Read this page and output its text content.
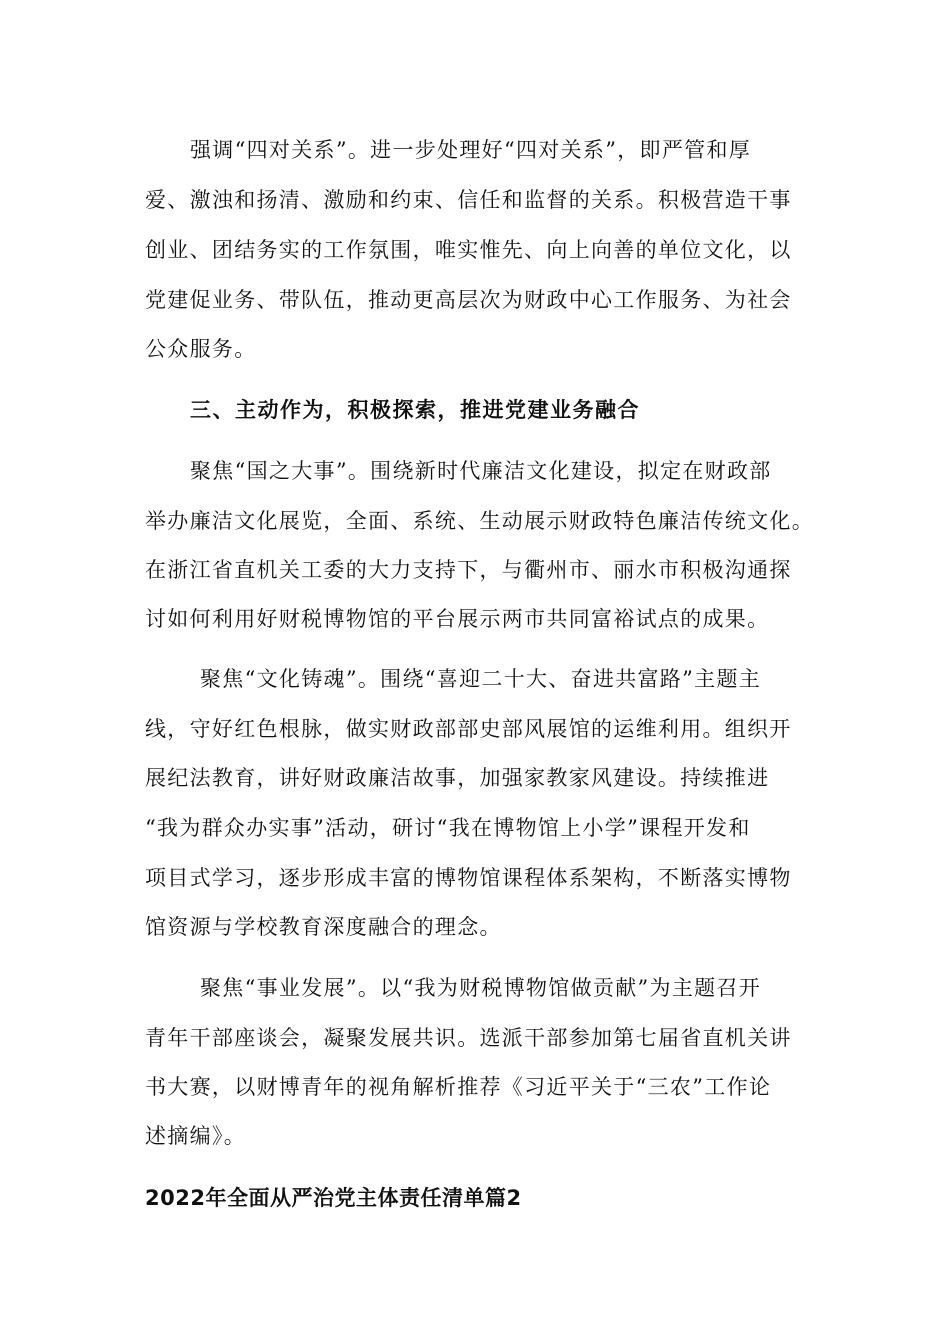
强调“四对关系”。进一步处理好“四对关系”，即严管和厚
爱、激浊和扬清、激励和约束、信任和监督的关系。积极营造干事
创业、团结务实的工作氛围，唯实惟先、向上向善的单位文化，以
党建促业务、带队伍，推动更高层次为财政中心工作服务、为社会
公众服务。
三、主动作为，积极探索，推进党建业务融合
聚焦“国之大事”。围绕新时代廉洁文化建设，拟定在财政部
举办廉洁文化展览，全面、系统、生动展示财政特色廉洁传统文化。
在浙江省直机关工委的大力支持下，与衢州市、丽水市积极沟通探
讨如何利用好财税博物馆的平台展示两市共同富裕试点的成果。
聚焦“文化铸魂”。围绕“喜迎二十大、奋进共富路”主题主
线，守好红色根脉，做实财政部部史部风展馆的运维利用。组织开
展纪法教育，讲好财政廉洁故事，加强家教家风建设。持续推进
“我为群众办实事”活动，研讨“我在博物馆上小学”课程开发和
项目式学习，逐步形成丰富的博物馆课程体系架构，不断落实博物
馆资源与学校教育深度融合的理念。
聚焦“事业发展”。以“我为财税博物馆做贡献”为主题召开
青年干部座谈会，凝聚发展共识。选派干部参加第七届省直机关讲
书大赛，以财博青年的视角解析推荐《习近平关于“三农”工作论
述摘编》。
2022年全面从严治党主体责任清单篇2
